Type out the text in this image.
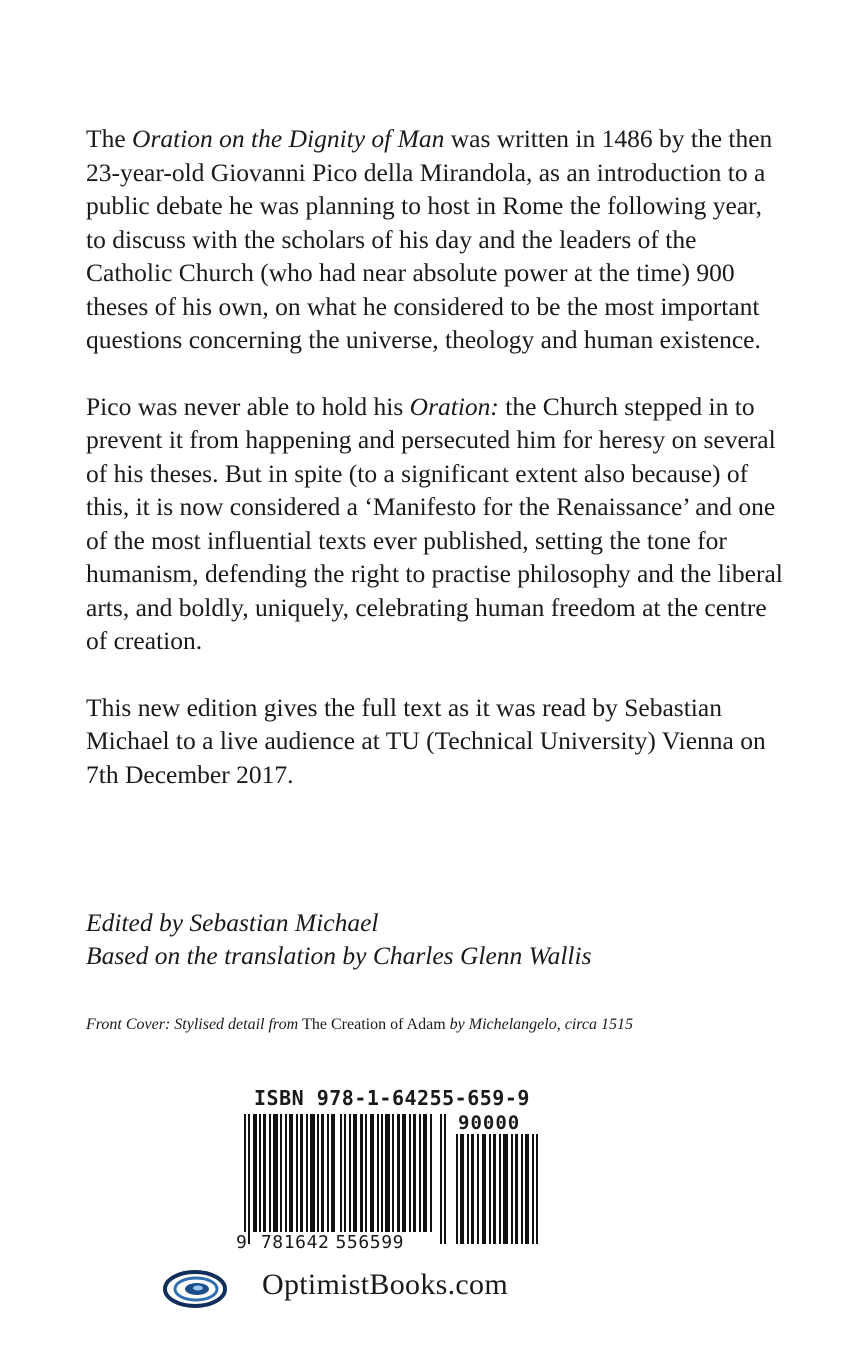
The Oration on the Dignity of Man was written in 1486 by the then 23-year-old Giovanni Pico della Mirandola, as an introduction to a public debate he was planning to host in Rome the following year, to discuss with the scholars of his day and the leaders of the Catholic Church (who had near absolute power at the time) 900 theses of his own, on what he considered to be the most important questions concerning the universe, theology and human existence.

Pico was never able to hold his Oration: the Church stepped in to prevent it from happening and persecuted him for heresy on several of his theses. But in spite (to a significant extent also because) of this, it is now considered a ‘Manifesto for the Renaissance’ and one of the most influential texts ever published, setting the tone for humanism, defending the right to practise philosophy and the liberal arts, and boldly, uniquely, celebrating human freedom at the centre of creation.

This new edition gives the full text as it was read by Sebastian Michael to a live audience at TU (Technical University) Vienna on 7th December 2017.

Edited by Sebastian Michael
Based on the translation by Charles Glenn Wallis
Front Cover: Stylised detail from The Creation of Adam by Michelangelo, circa 1515
ISBN 978-1-64255-659-9
90000
9 781642 556599
OptimistBooks.com
